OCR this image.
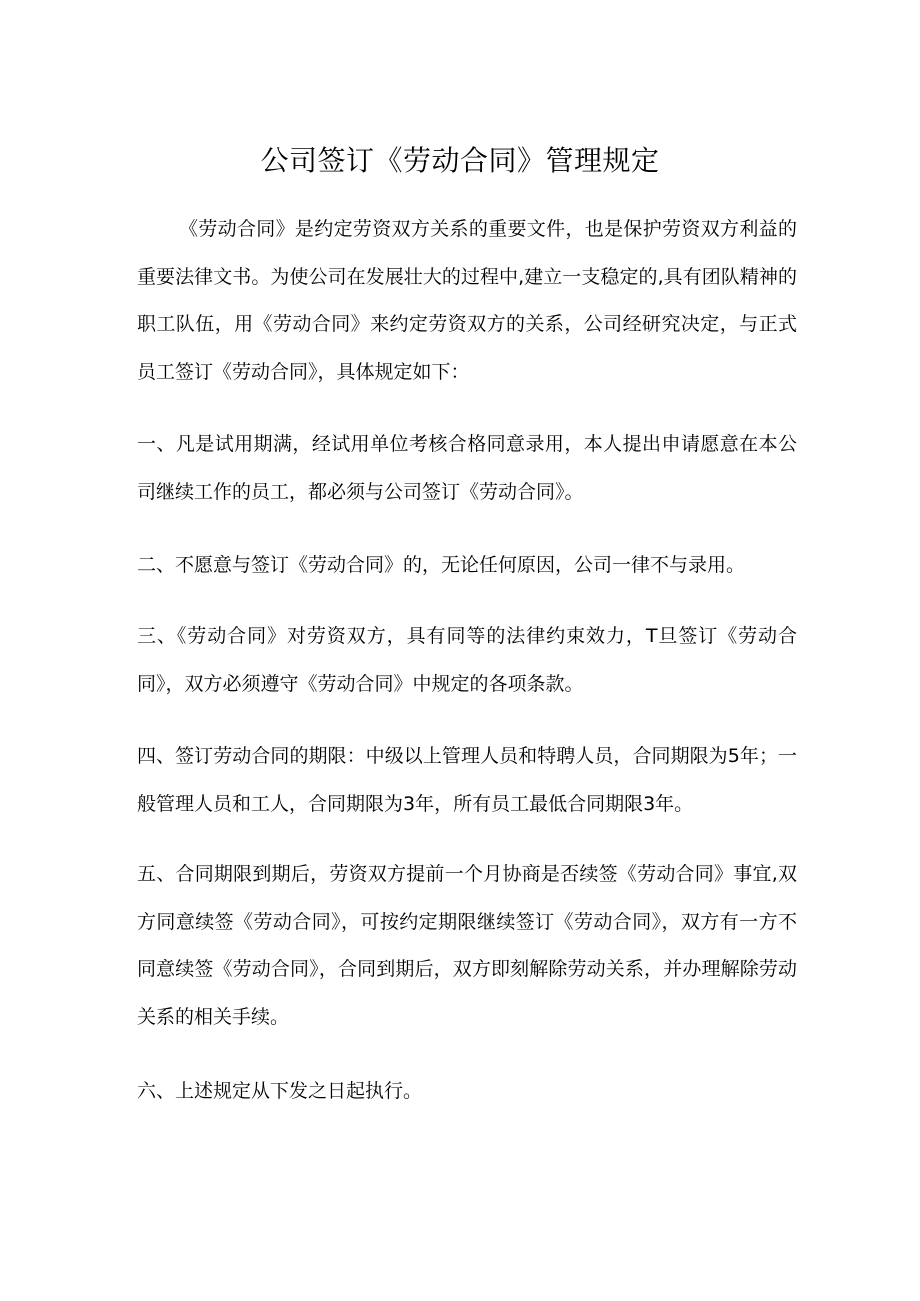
公司签订《劳动合同》管理规定

《劳动合同》是约定劳资双方关系的重要文件，也是保护劳资双方利益的重要法律文书。为使公司在发展壮大的过程中,建立一支稳定的,具有团队精神的职工队伍，用《劳动合同》来约定劳资双方的关系，公司经研究决定，与正式员工签订《劳动合同》，具体规定如下：

一、凡是试用期满，经试用单位考核合格同意录用，本人提出申请愿意在本公司继续工作的员工，都必须与公司签订《劳动合同》。

二、不愿意与签订《劳动合同》的，无论任何原因，公司一律不与录用。

三、《劳动合同》对劳资双方，具有同等的法律约束效力，T旦签订《劳动合同》，双方必须遵守《劳动合同》中规定的各项条款。

四、签订劳动合同的期限：中级以上管理人员和特聘人员，合同期限为5年；一般管理人员和工人，合同期限为3年，所有员工最低合同期限3年。

五、合同期限到期后，劳资双方提前一个月协商是否续签《劳动合同》事宜,双方同意续签《劳动合同》，可按约定期限继续签订《劳动合同》，双方有一方不同意续签《劳动合同》，合同到期后，双方即刻解除劳动关系，并办理解除劳动关系的相关手续。

六、上述规定从下发之日起执行。
